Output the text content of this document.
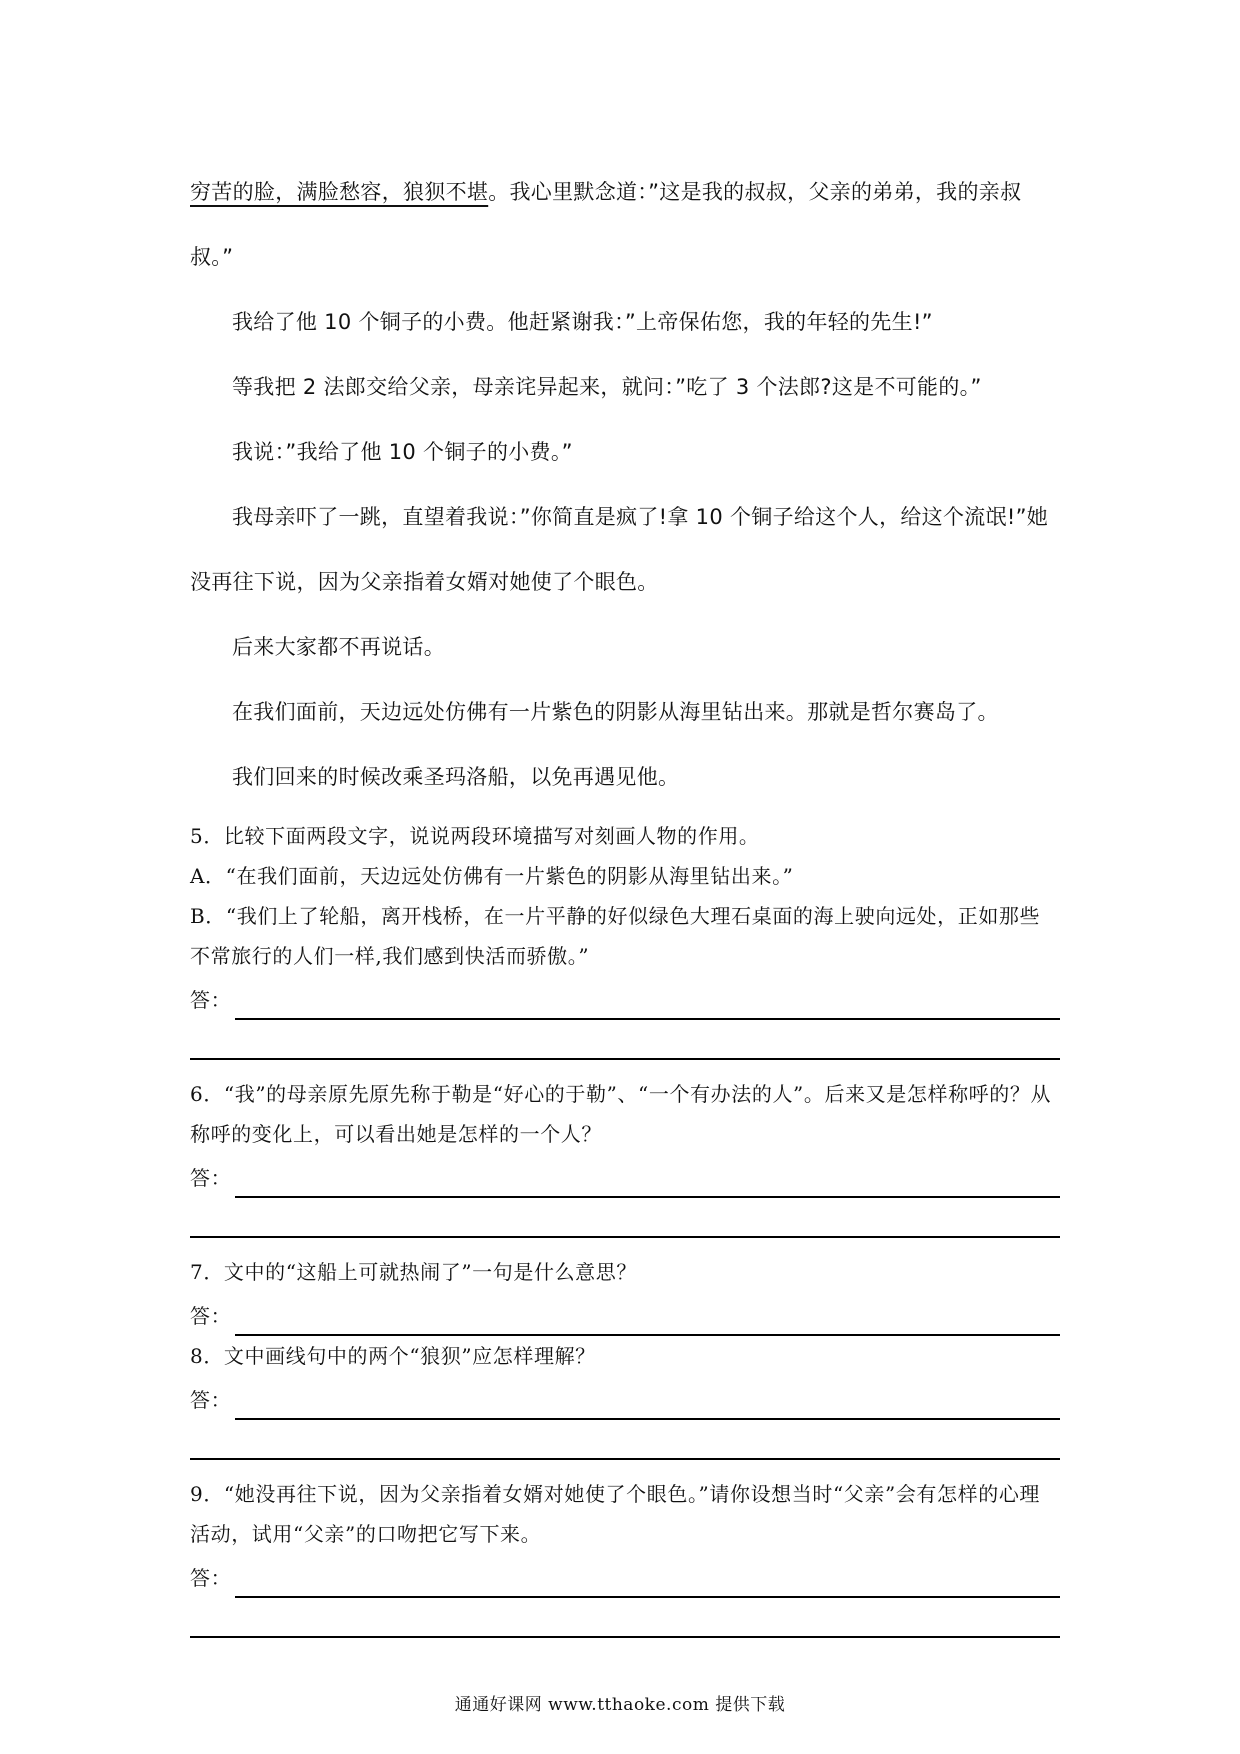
穷苦的脸，满脸愁容，狼狈不堪。我心里默念道：”这是我的叔叔，父亲的弟弟，我的亲叔叔。”

我给了他 10 个铜子的小费。他赶紧谢我：”上帝保佑您，我的年轻的先生!”

等我把 2 法郎交给父亲，母亲诧异起来，就问：”吃了 3 个法郎?这是不可能的。”

我说：”我给了他 10 个铜子的小费。”

我母亲吓了一跳，直望着我说：”你简直是疯了!拿 10 个铜子给这个人，给这个流氓!”她没再往下说，因为父亲指着女婿对她使了个眼色。

后来大家都不再说话。

在我们面前，天边远处仿佛有一片紫色的阴影从海里钻出来。那就是哲尔赛岛了。

我们回来的时候改乘圣玛洛船，以免再遇见他。

5．比较下面两段文字，说说两段环境描写对刻画人物的作用。

A．“在我们面前，天边远处仿佛有一片紫色的阴影从海里钻出来。”

B．“我们上了轮船，离开栈桥，在一片平静的好似绿色大理石桌面的海上驶向远处，正如那些不常旅行的人们一样,我们感到快活而骄傲。”

答：

6．“我”的母亲原先原先称于勒是“好心的于勒”、“一个有办法的人”。后来又是怎样称呼的？从称呼的变化上，可以看出她是怎样的一个人？

答：

7．文中的“这船上可就热闹了”一句是什么意思？

答：

8．文中画线句中的两个“狼狈”应怎样理解？

答：

9．“她没再往下说，因为父亲指着女婿对她使了个眼色。”请你设想当时“父亲”会有怎样的心理活动，试用“父亲”的口吻把它写下来。

答：
通通好课网 www.tthaoke.com 提供下载
